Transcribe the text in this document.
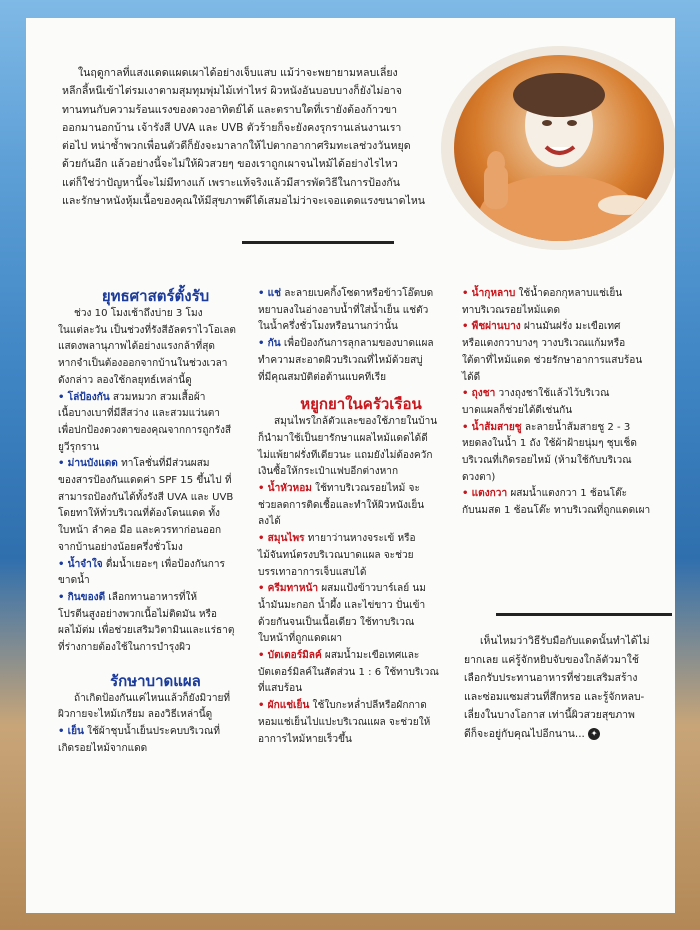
ในฤดูกาลที่แสงแดดแผดเผาได้อย่างเจ็บแสบ แม้ว่าจะพยายามหลบเลี่ยง

หลีกลี้หนีเข้าไต่รมเงาตามสุมทุมพุ่มไม้เท่าไหร่ ผิวหนังอันบอบบางก็ยังไม่อาจ

ทานทนกับความร้อนแรงของดวงอาทิตย์ได้ และตราบใดที่เรายังต้องก้าวขา

ออกมานอกบ้าน เจ้ารังสี UVA และ UVB ตัวร้ายก็จะยังคงรุกรานเล่นงานเรา

ต่อไป หน่าซ้ำพวกเพื่อนตัวดีก็ยังจะมาลากให้ไปตากอากาศริมทะเลช่วงวันหยุด

ด้วยกันอีก แล้วอย่างนี้จะไม่ให้ผิวสวยๆ ของเราถูกเผาจนไหม้ได้อย่างไรไหว

แต่ก็ใช่ว่าปัญหานี้จะไม่มีทางแก้ เพราะแท้จริงแล้วมีสารพัดวิธีในการป้องกัน

และรักษาหนังหุ้มเนื้อของคุณให้มีสุขภาพดีได้เสมอไม่ว่าจะเจอแดดแรงขนาดไหน

ยุทธศาสตร์ตั้งรับ

ช่วง 10 โมงเช้าถึงบ่าย 3 โมง

ในแต่ละวัน เป็นช่วงที่รังสีอัลตราไวโอเลต

แสดงพลานุภาพได้อย่างแรงกล้าที่สุด

หากจำเป็นต้องออกจากบ้านในช่วงเวลา

ดังกล่าว ลองใช้กลยุทธ์เหล่านี้ดู

• โล่ป้องกัน สวมหมวก สวมเสื้อผ้า

เนื้อบางเบาที่มีสีสว่าง และสวมแว่นตา

เพื่อปกป้องดวงตาของคุณจากการถูกรังสี

ยูวีรุกราน

• ม่านบังแดด ทาโลชั่นที่มีส่วนผสม

ของสารป้องกันแดดค่า SPF 15 ขึ้นไป ที่

สามารถป้องกันได้ทั้งรังสี UVA และ UVB

โดยทาให้ทั่วบริเวณที่ต้องโดนแดด ทั้ง

ใบหน้า ลำคอ มือ และควรทาก่อนออก

จากบ้านอย่างน้อยครึ่งชั่วโมง

• น้ำจำใจ ดื่มน้ำเยอะๆ เพื่อป้องกันการ

ขาดน้ำ

• กินของดี เลือกทานอาหารที่ให้

โปรตีนสูงอย่างพวกเนื้อไม่ติดมัน หรือ

ผลไม้ต่ม เพื่อช่วยเสริมวิตามินและแร่ธาตุ

ที่ร่างกายต้องใช้ในการบำรุงผิว

รักษาบาดแผล

ถ้าเกิดป้องกันแค่ไหนแล้วก็ยังมิวายที่

ผิวกายจะไหม้เกรียม ลองวิธีเหล่านี้ดู

• เย็น ใช้ผ้าชุบน้ำเย็นประคบบริเวณที่

เกิดรอยไหม้จากแดด

• แช่ ละลายเบคกิ้งโซดาหรือข้าวโอ๊ตบด

หยาบลงในอ่างอาบน้ำที่ใส่น้ำเย็น แช่ตัว

ในน้ำครึ่งชั่วโมงหรือนานกว่านั้น

• กัน เพื่อป้องกันการลุกลามของบาดแผล

ทำความสะอาดผิวบริเวณที่ไหม้ด้วยสบู่

ที่มีคุณสมบัติต่อต้านแบคทีเรีย

หยูกยาในครัวเรือน

สมุนไพรใกล้ตัวและของใช้ภายในบ้าน

ก็นำมาใช้เป็นยารักษาแผลไหม้แดดได้ดี

ไม่แพ้ยาฝรั่งทีเดียวนะ แถมยังไม่ต้องควัก

เงินซื้อให้กระเป๋าแฟบอีกต่างหาก

• น้ำหัวหอม ใช้ทาบริเวณรอยไหม้ จะ

ช่วยลดการติดเชื้อและทำให้ผิวหนังเย็น

ลงได้

• สมุนไพร ทายาว่านหางจระเข้ หรือ

ไม้จันทน์ตรงบริเวณบาดแผล จะช่วย

บรรเทาอาการเจ็บแสบได้

• ครีมทาหน้า ผสมแป้งข้าวบาร์เลย์ นม

น้ำมันมะกอก น้ำผึ้ง และไข่ขาว ปั่นเข้า

ด้วยกันจนเป็นเนื้อเดียว ใช้ทาบริเวณ

ใบหน้าที่ถูกแดดเผา

• บัตเตอร์มิลค์ ผสมน้ำมะเขือเทศและ

บัตเตอร์มิลค์ในสัดส่วน 1 : 6 ใช้ทาบริเวณ

ที่แสบร้อน

• ผักแช่เย็น ใช้ใบกะหล่ำปลีหรือผักกาด

หอมแช่เย็นไปแปะบริเวณแผล จะช่วยให้

อาการไหม้หายเร็วขึ้น

• น้ำกุหลาบ ใช้น้ำดอกกุหลาบแช่เย็น

ทาบริเวณรอยไหม้แดด

• พืชผ่านบาง ฝานมันฝรั่ง มะเขือเทศ

หรือแตงกวาบางๆ วางบริเวณแก้มหรือ

ใต้ตาที่ไหม้แดด ช่วยรักษาอาการแสบร้อน

ได้ดี

• ถุงชา วางถุงชาใช้แล้วไว้บริเวณ

บาดแผลก็ช่วยได้ดีเช่นกัน

• น้ำส้มสายชู ละลายน้ำส้มสายชู 2 - 3

หยดลงในน้ำ 1 ถัง ใช้ผ้าฝ้ายนุ่มๆ ชุบเช็ด

บริเวณที่เกิดรอยไหม้ (ห้ามใช้กับบริเวณ

ดวงตา)

• แตงกวา ผสมน้ำแตงกวา 1 ช้อนโต๊ะ

กับนมสด 1 ช้อนโต๊ะ ทาบริเวณที่ถูกแดดเผา

เห็นไหมว่าวิธีรับมือกับแดดนั้นทำได้ไม่

ยากเลย แค่รู้จักหยิบจับของใกล้ตัวมาใช้

เลือกรับประทานอาหารที่ช่วยเสริมสร้าง

และซ่อมแซมส่วนที่สึกหรอ และรู้จักหลบ-

เลี่ยงในบางโอกาส เท่านี้ผิวสวยสุขภาพ

ดีก็จะอยู่กับคุณไปอีกนาน... ✦
